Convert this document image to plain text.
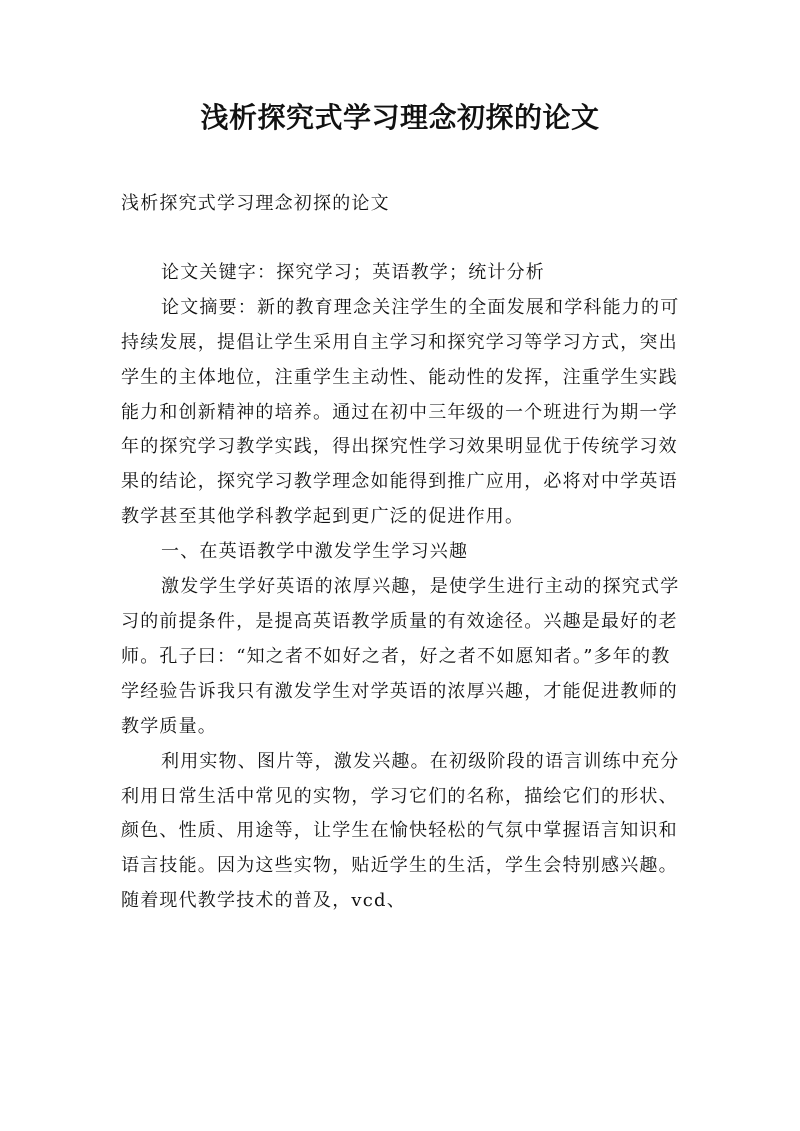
浅析探究式学习理念初探的论文

浅析探究式学习理念初探的论文

论文关键字：探究学习；英语教学；统计分析

论文摘要：新的教育理念关注学生的全面发展和学科能力的可持续发展，提倡让学生采用自主学习和探究学习等学习方式，突出学生的主体地位，注重学生主动性、能动性的发挥，注重学生实践能力和创新精神的培养。通过在初中三年级的一个班进行为期一学年的探究学习教学实践，得出探究性学习效果明显优于传统学习效果的结论，探究学习教学理念如能得到推广应用，必将对中学英语教学甚至其他学科教学起到更广泛的促进作用。

一、在英语教学中激发学生学习兴趣

激发学生学好英语的浓厚兴趣，是使学生进行主动的探究式学习的前提条件，是提高英语教学质量的有效途径。兴趣是最好的老师。孔子曰：“知之者不如好之者，好之者不如愿知者。”多年的教学经验告诉我只有激发学生对学英语的浓厚兴趣，才能促进教师的教学质量。

利用实物、图片等，激发兴趣。在初级阶段的语言训练中充分利用日常生活中常见的实物，学习它们的名称，描绘它们的形状、颜色、性质、用途等，让学生在愉快轻松的气氛中掌握语言知识和语言技能。因为这些实物，贴近学生的生活，学生会特别感兴趣。随着现代教学技术的普及，vcd、
